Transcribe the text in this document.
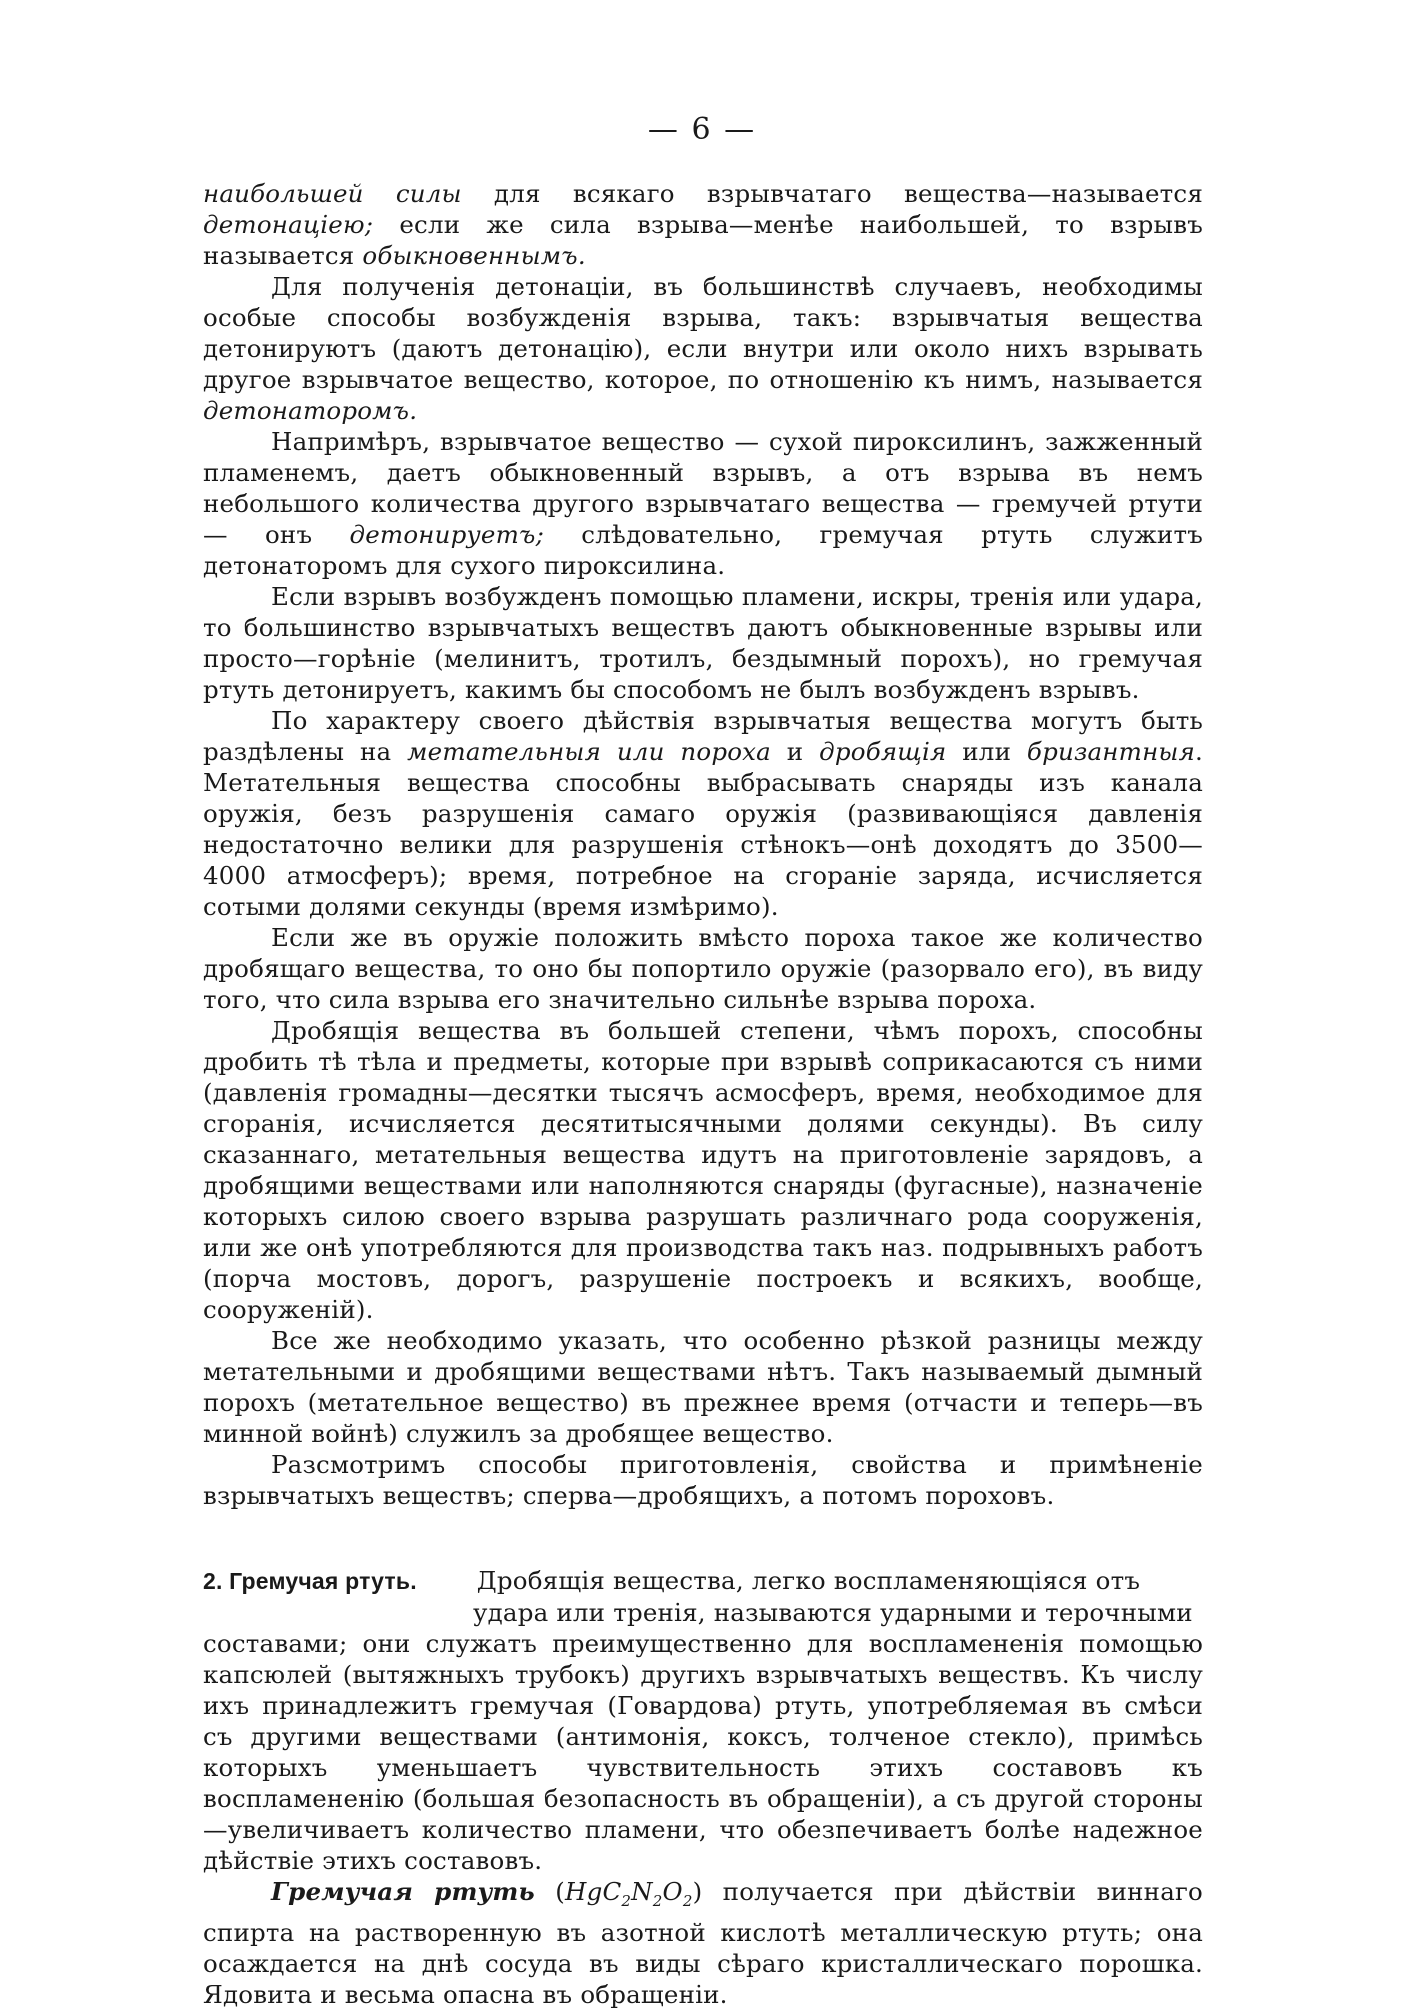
— 6 —

наибольшей силы для всякаго взрывчатаго вещества—называется детонаціею; если же сила взрыва—менѣе наибольшей, то взрывъ называется обыкновеннымъ.

Для полученія детонаціи, въ большинствѣ случаевъ, необходимы особые способы возбужденія взрыва, такъ: взрывчатыя вещества детонируютъ (даютъ детонацію), если внутри или около нихъ взрывать другое взрывчатое вещество, которое, по отношенію къ нимъ, называется детонаторомъ.

Напримѣръ, взрывчатое вещество — сухой пироксилинъ, зажженный пламенемъ, даетъ обыкновенный взрывъ, а отъ взрыва въ немъ небольшого количества другого взрывчатаго вещества — гремучей ртути — онъ детонируетъ; слѣдовательно, гремучая ртуть служитъ детонаторомъ для сухого пироксилина.

Если взрывъ возбужденъ помощью пламени, искры, тренія или удара, то большинство взрывчатыхъ веществъ даютъ обыкновенные взрывы или просто—горѣніе (мелинитъ, тротилъ, бездымный порохъ), но гремучая ртуть детонируетъ, какимъ бы способомъ не былъ возбужденъ взрывъ.

По характеру своего дѣйствія взрывчатыя вещества могутъ быть раздѣлены на метательныя или пороха и дробящія или бризантныя. Метательныя вещества способны выбрасывать снаряды изъ канала оружія, безъ разрушенія самаго оружія (развивающіяся давленія недостаточно велики для разрушенія стѣнокъ—онѣ доходятъ до 3500—4000 атмосферъ); время, потребное на сгораніе заряда, исчисляется сотыми долями секунды (время измѣримо).

Если же въ оружіе положить вмѣсто пороха такое же количество дробящаго вещества, то оно бы попортило оружіе (разорвало его), въ виду того, что сила взрыва его значительно сильнѣе взрыва пороха.

Дробящія вещества въ большей степени, чѣмъ порохъ, способны дробить тѣ тѣла и предметы, которые при взрывѣ соприкасаются съ ними (давленія громадны—десятки тысячъ асмосферъ, время, необходимое для сгоранія, исчисляется десятитысячными долями секунды). Въ силу сказаннаго, метательныя вещества идутъ на приготовленіе зарядовъ, а дробящими веществами или наполняются снаряды (фугасные), назначеніе которыхъ силою своего взрыва разрушать различнаго рода сооруженія, или же онѣ употребляются для производства такъ наз. подрывныхъ работъ (порча мостовъ, дорогъ, разрушеніе построекъ и всякихъ, вообще, сооруженій).

Все же необходимо указать, что особенно рѣзкой разницы между метательными и дробящими веществами нѣтъ. Такъ называемый дымный порохъ (метательное вещество) въ прежнее время (отчасти и теперь—въ минной войнѣ) служилъ за дробящее вещество.

Разсмотримъ способы приготовленія, свойства и примѣненіе взрывчатыхъ веществъ; сперва—дробящихъ, а потомъ пороховъ.

2. Гремучая ртуть. Дробящія вещества, легко воспламеняющіяся отъ
удара или тренія, называются ударными и терочными
составами; они служатъ преимущественно для воспламененія помощью капсюлей (вытяжныхъ трубокъ) другихъ взрывчатыхъ веществъ. Къ числу ихъ принадлежитъ гремучая (Говардова) ртуть, употребляемая въ смѣси съ другими веществами (антимонія, коксъ, толченое стекло), примѣсь которыхъ уменьшаетъ чувствительность этихъ составовъ къ воспламененію (большая безопасность въ обращеніи), а съ другой стороны—увеличиваетъ количество пламени, что обезпечиваетъ болѣе надежное дѣйствіе этихъ составовъ.

Гремучая ртуть $(HgC_2N_2O_2)$ получается при дѣйствіи виннаго спирта на растворенную въ азотной кислотѣ металлическую ртуть; она осаждается на днѣ сосуда въ виды сѣраго кристаллическаго порошка. Ядовита и весьма опасна въ обращеніи.
